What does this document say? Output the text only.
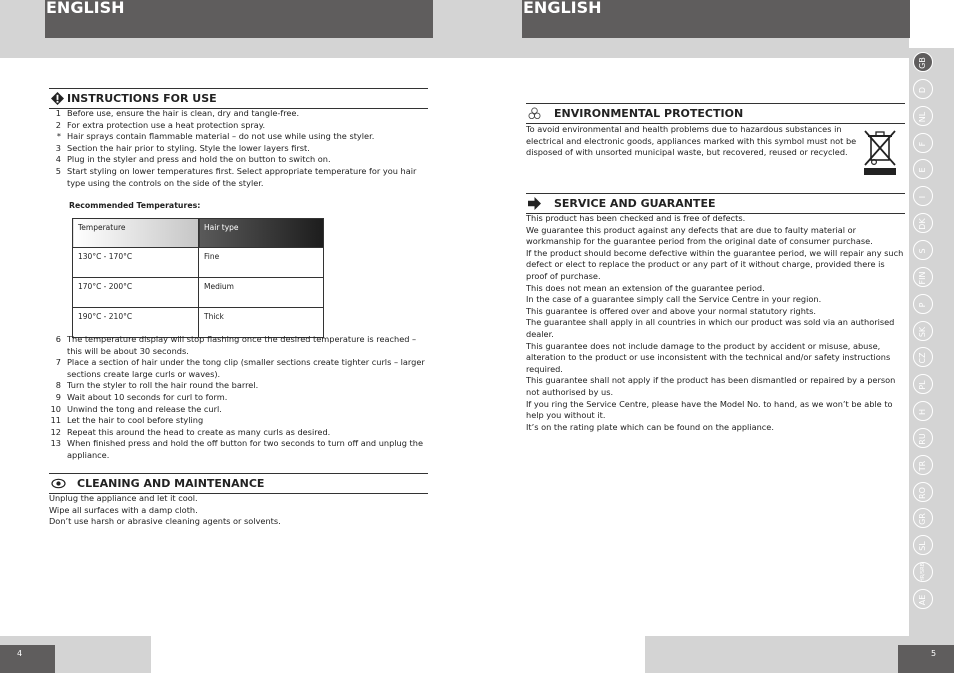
ENGLISH	ENGLISH
INSTRUCTIONS FOR USE
1 Before use, ensure the hair is clean, dry and tangle-free.
2 For extra protection use a heat protection spray.
* Hair sprays contain flammable material – do not use while using the styler.
3 Section the hair prior to styling. Style the lower layers first.
4 Plug in the styler and press and hold the on button to switch on.
5 Start styling on lower temperatures first. Select appropriate temperature for you hair type using the controls on the side of the styler.
Recommended Temperatures:
Temperature	Hair type
130°C - 170°C	Fine
170°C - 200°C	Medium
190°C - 210°C	Thick
6 The temperature display will stop flashing once the desired temperature is reached – this will be about 30 seconds.
7 Place a section of hair under the tong clip (smaller sections create tighter curls – larger sections create large curls or waves).
8 Turn the styler to roll the hair round the barrel.
9 Wait about 10 seconds for curl to form.
10 Unwind the tong and release the curl.
11 Let the hair to cool before styling
12 Repeat this around the head to create as many curls as desired.
13 When finished press and hold the off button for two seconds to turn off and unplug the appliance.
CLEANING AND MAINTENANCE

Unplug the appliance and let it cool.

Wipe all surfaces with a damp cloth.

Don’t use harsh or abrasive cleaning agents or solvents.

ENVIRONMENTAL PROTECTION
To avoid environmental and health problems due to hazardous substances in electrical and electronic goods, appliances marked with this symbol must not be disposed of with unsorted municipal waste, but recovered, reused or recycled.
SERVICE AND GUARANTEE

This product has been checked and is free of defects.

We guarantee this product against any defects that are due to faulty material or workmanship for the guarantee period from the original date of consumer purchase.

If the product should become defective within the guarantee period, we will repair any such defect or elect to replace the product or any part of it without charge, provided there is proof of purchase.

This does not mean an extension of the guarantee period.

In the case of a guarantee simply call the Service Centre in your region.

This guarantee is offered over and above your normal statutory rights.

The guarantee shall apply in all countries in which our product was sold via an authorised dealer.

This guarantee does not include damage to the product by accident or misuse, abuse, alteration to the product or use inconsistent with the technical and/or safety instructions required.

This guarantee shall not apply if the product has been dismantled or repaired by a person not authorised by us.

If you ring the Service Centre, please have the Model No. to hand, as we won’t be able to help you without it.

It’s on the rating plate which can be found on the appliance.

GB
D
NL
F
E
I
DK
S
FIN
P
SK
CZ
PL
H
RU
TR
RO
GR
SL
HR/SRB
AE
4	5
